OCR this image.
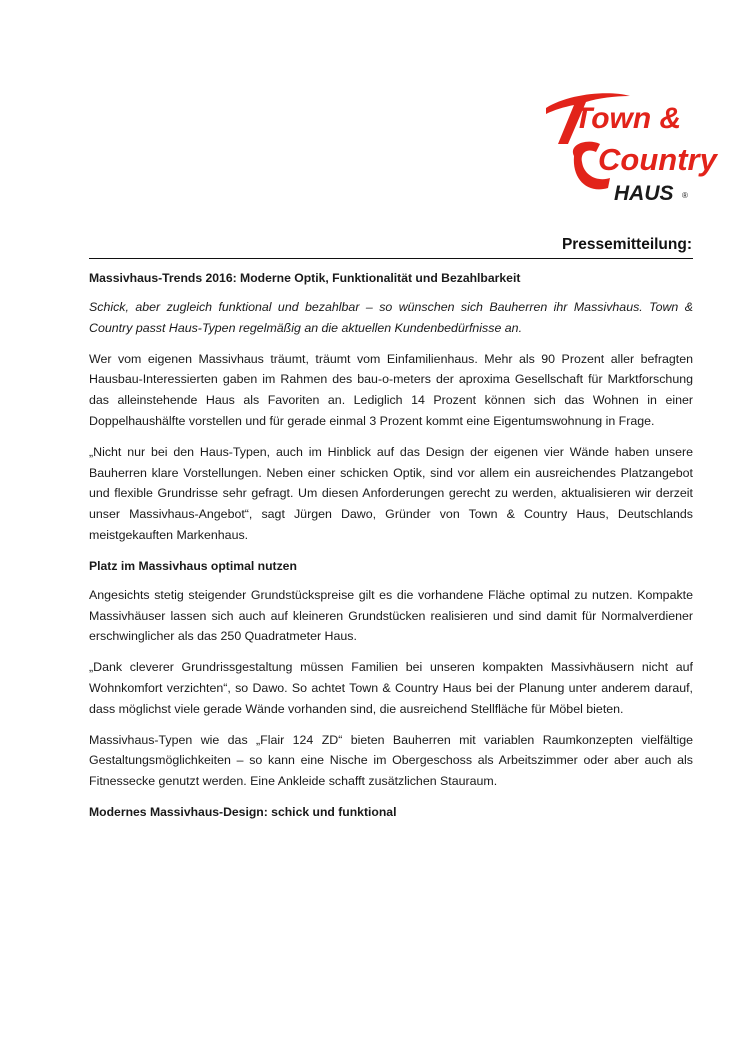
Town &
Country
HAUS ®
Pressemitteilung:

Massivhaus-Trends 2016: Moderne Optik, Funktionalität und Bezahlbarkeit

Schick, aber zugleich funktional und bezahlbar – so wünschen sich Bauherren ihr Massivhaus. Town & Country passt Haus-Typen regelmäßig an die aktuellen Kundenbedürfnisse an.

Wer vom eigenen Massivhaus träumt, träumt vom Einfamilienhaus. Mehr als 90 Prozent aller befragten Hausbau-Interessierten gaben im Rahmen des bau-o-meters der aproxima Gesellschaft für Marktforschung das alleinstehende Haus als Favoriten an. Lediglich 14 Prozent können sich das Wohnen in einer Doppelhaushälfte vorstellen und für gerade einmal 3 Prozent kommt eine Eigentumswohnung in Frage.

„Nicht nur bei den Haus-Typen, auch im Hinblick auf das Design der eigenen vier Wände haben unsere Bauherren klare Vorstellungen. Neben einer schicken Optik, sind vor allem ein ausreichendes Platzangebot und flexible Grundrisse sehr gefragt. Um diesen Anforderungen gerecht zu werden, aktualisieren wir derzeit unser Massivhaus-Angebot“, sagt Jürgen Dawo, Gründer von Town & Country Haus, Deutschlands meistgekauften Markenhaus.

Platz im Massivhaus optimal nutzen

Angesichts stetig steigender Grundstückspreise gilt es die vorhandene Fläche optimal zu nutzen. Kompakte Massivhäuser lassen sich auch auf kleineren Grundstücken realisieren und sind damit für Normalverdiener erschwinglicher als das 250 Quadratmeter Haus.

„Dank cleverer Grundrissgestaltung müssen Familien bei unseren kompakten Massivhäusern nicht auf Wohnkomfort verzichten“, so Dawo. So achtet Town & Country Haus bei der Planung unter anderem darauf, dass möglichst viele gerade Wände vorhanden sind, die ausreichend Stellfläche für Möbel bieten.

Massivhaus-Typen wie das „Flair 124 ZD“ bieten Bauherren mit variablen Raumkonzepten vielfältige Gestaltungsmöglichkeiten – so kann eine Nische im Obergeschoss als Arbeitszimmer oder aber auch als Fitnessecke genutzt werden. Eine Ankleide schafft zusätzlichen Stauraum.

Modernes Massivhaus-Design: schick und funktional
